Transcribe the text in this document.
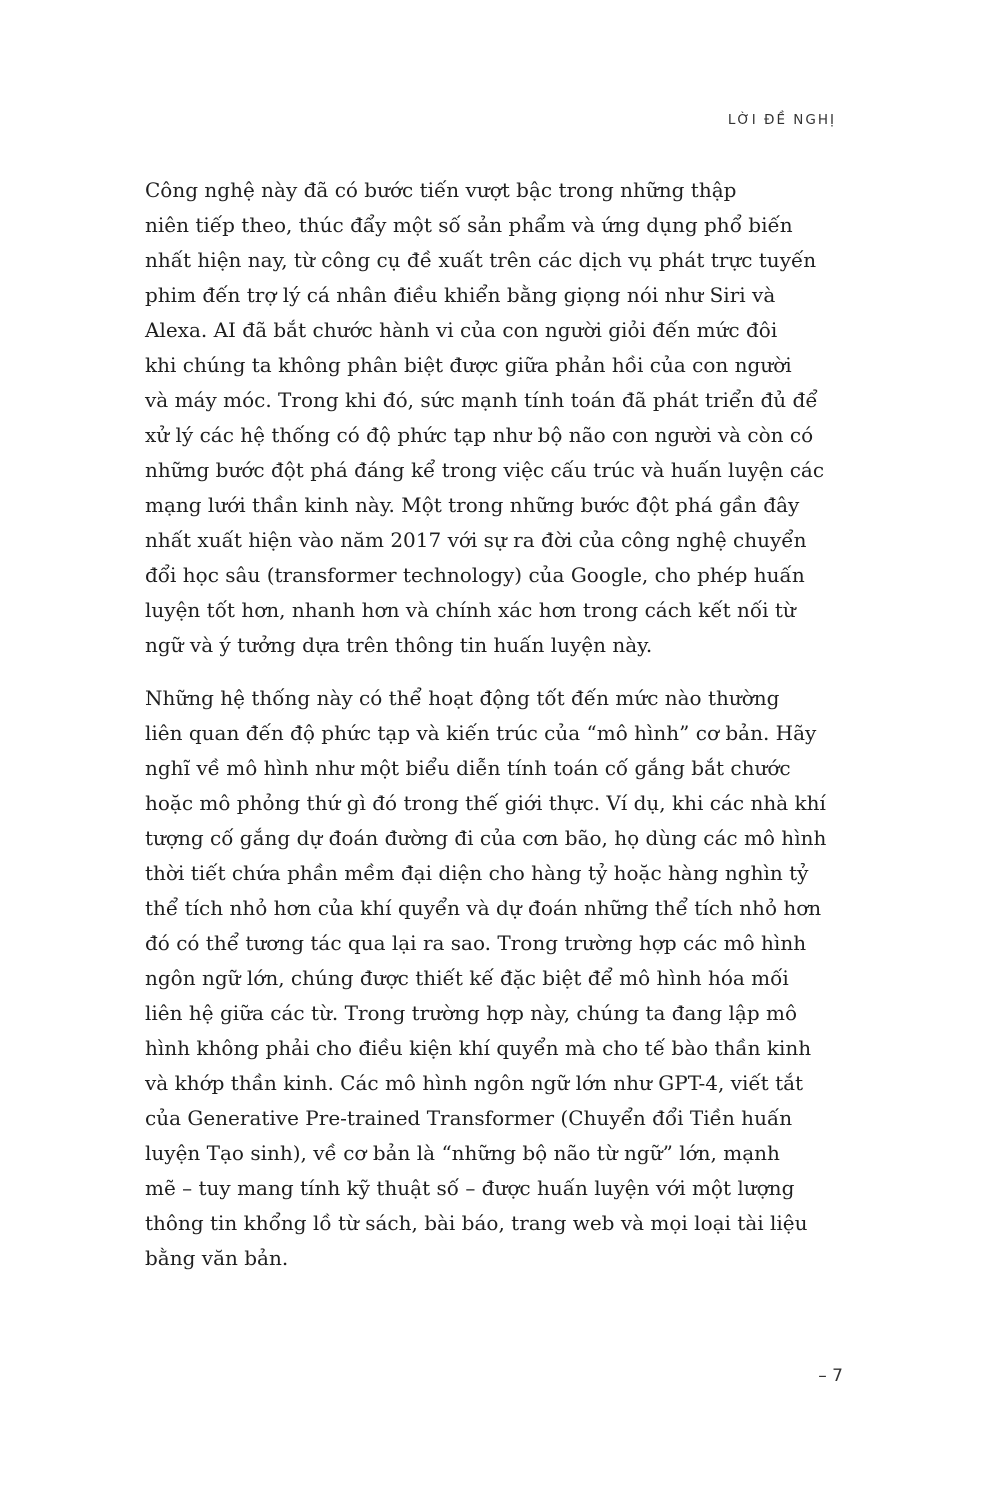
LỜI ĐỀ NGHỊ

Công nghệ này đã có bước tiến vượt bậc trong những thập
niên tiếp theo, thúc đẩy một số sản phẩm và ứng dụng phổ biến
nhất hiện nay, từ công cụ đề xuất trên các dịch vụ phát trực tuyến
phim đến trợ lý cá nhân điều khiển bằng giọng nói như Siri và
Alexa. AI đã bắt chước hành vi của con người giỏi đến mức đôi
khi chúng ta không phân biệt được giữa phản hồi của con người
và máy móc. Trong khi đó, sức mạnh tính toán đã phát triển đủ để
xử lý các hệ thống có độ phức tạp như bộ não con người và còn có
những bước đột phá đáng kể trong việc cấu trúc và huấn luyện các
mạng lưới thần kinh này. Một trong những bước đột phá gần đây
nhất xuất hiện vào năm 2017 với sự ra đời của công nghệ chuyển
đổi học sâu (transformer technology) của Google, cho phép huấn
luyện tốt hơn, nhanh hơn và chính xác hơn trong cách kết nối từ
ngữ và ý tưởng dựa trên thông tin huấn luyện này.

Những hệ thống này có thể hoạt động tốt đến mức nào thường
liên quan đến độ phức tạp và kiến trúc của “mô hình” cơ bản. Hãy
nghĩ về mô hình như một biểu diễn tính toán cố gắng bắt chước
hoặc mô phỏng thứ gì đó trong thế giới thực. Ví dụ, khi các nhà khí
tượng cố gắng dự đoán đường đi của cơn bão, họ dùng các mô hình
thời tiết chứa phần mềm đại diện cho hàng tỷ hoặc hàng nghìn tỷ
thể tích nhỏ hơn của khí quyển và dự đoán những thể tích nhỏ hơn
đó có thể tương tác qua lại ra sao. Trong trường hợp các mô hình
ngôn ngữ lớn, chúng được thiết kế đặc biệt để mô hình hóa mối
liên hệ giữa các từ. Trong trường hợp này, chúng ta đang lập mô
hình không phải cho điều kiện khí quyển mà cho tế bào thần kinh
và khớp thần kinh. Các mô hình ngôn ngữ lớn như GPT-4, viết tắt
của Generative Pre-trained Transformer (Chuyển đổi Tiền huấn
luyện Tạo sinh), về cơ bản là “những bộ não từ ngữ” lớn, mạnh
mẽ – tuy mang tính kỹ thuật số – được huấn luyện với một lượng
thông tin khổng lồ từ sách, bài báo, trang web và mọi loại tài liệu
bằng văn bản.

– 7
